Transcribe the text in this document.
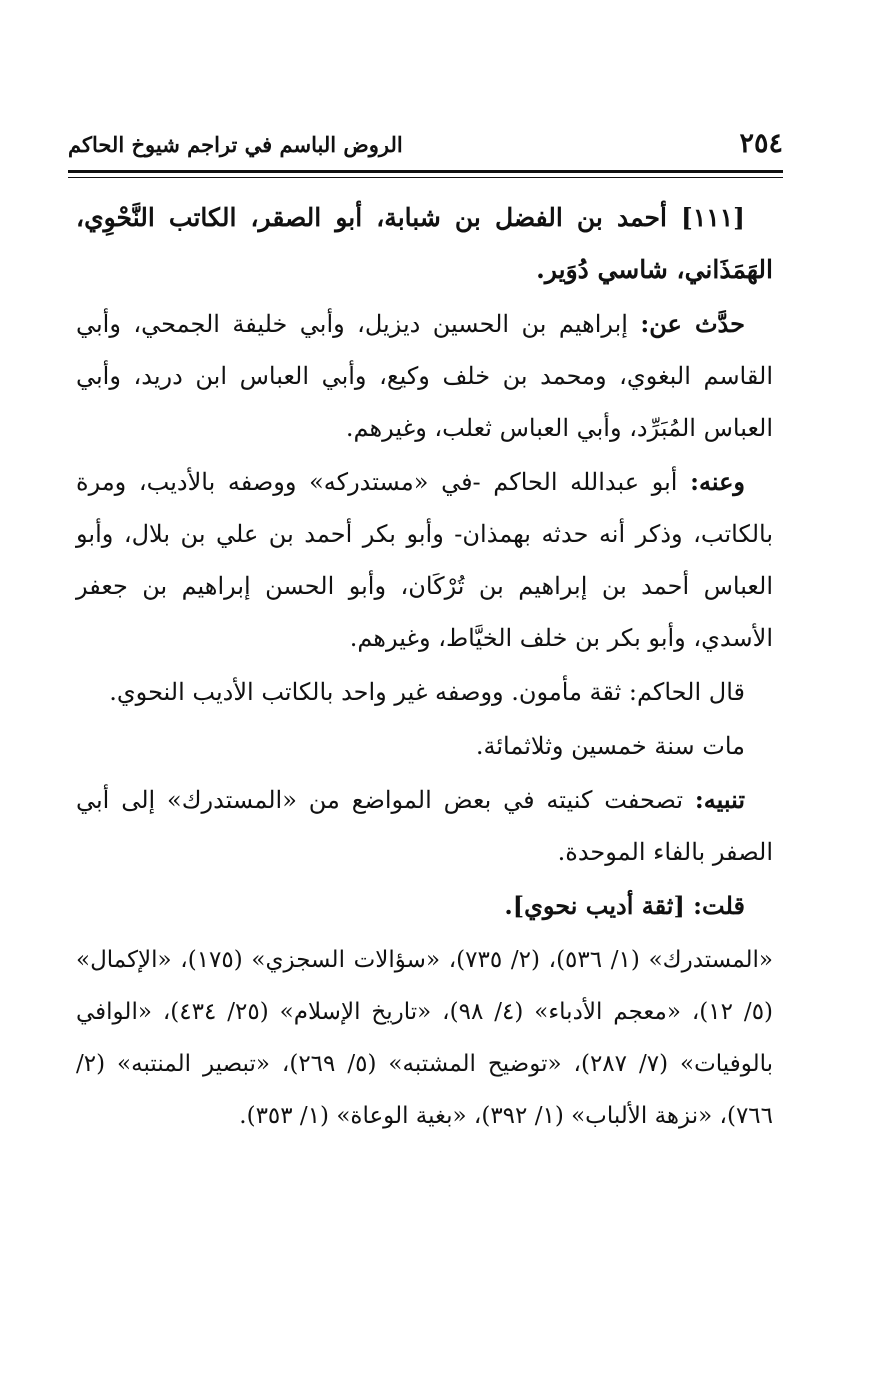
٢٥٤
الروض الباسم في تراجم شيوخ الحاكم

[١١١] أحمد بن الفضل بن شبابة، أبو الصقر، الكاتب النَّحْوِي، الهَمَذَاني، شاسي دُوَير.

حدَّث عن: إبراهيم بن الحسين ديزيل، وأبي خليفة الجمحي، وأبي القاسم البغوي، ومحمد بن خلف وكيع، وأبي العباس ابن دريد، وأبي العباس المُبَرِّد، وأبي العباس ثعلب، وغيرهم.

وعنه: أبو عبدالله الحاكم -في «مستدركه» ووصفه بالأديب، ومرة بالكاتب، وذكر أنه حدثه بهمذان- وأبو بكر أحمد بن علي بن بلال، وأبو العباس أحمد بن إبراهيم بن تُرْكَان، وأبو الحسن إبراهيم بن جعفر الأسدي، وأبو بكر بن خلف الخيَّاط، وغيرهم.

قال الحاكم: ثقة مأمون. ووصفه غير واحد بالكاتب الأديب النحوي.

مات سنة خمسين وثلاثمائة.

تنبيه: تصحفت كنيته في بعض المواضع من «المستدرك» إلى أبي الصفر بالفاء الموحدة.

قلت: [ثقة أديب نحوي].

«المستدرك» (١/ ٥٣٦)، (٢/ ٧٣٥)، «سؤالات السجزي» (١٧٥)، «الإكمال» (٥/ ١٢)، «معجم الأدباء» (٤/ ٩٨)، «تاريخ الإسلام» (٢٥/ ٤٣٤)، «الوافي بالوفيات» (٧/ ٢٨٧)، «توضيح المشتبه» (٥/ ٢٦٩)، «تبصير المنتبه» (٢/ ٧٦٦)، «نزهة الألباب» (١/ ٣٩٢)، «بغية الوعاة» (١/ ٣٥٣).
